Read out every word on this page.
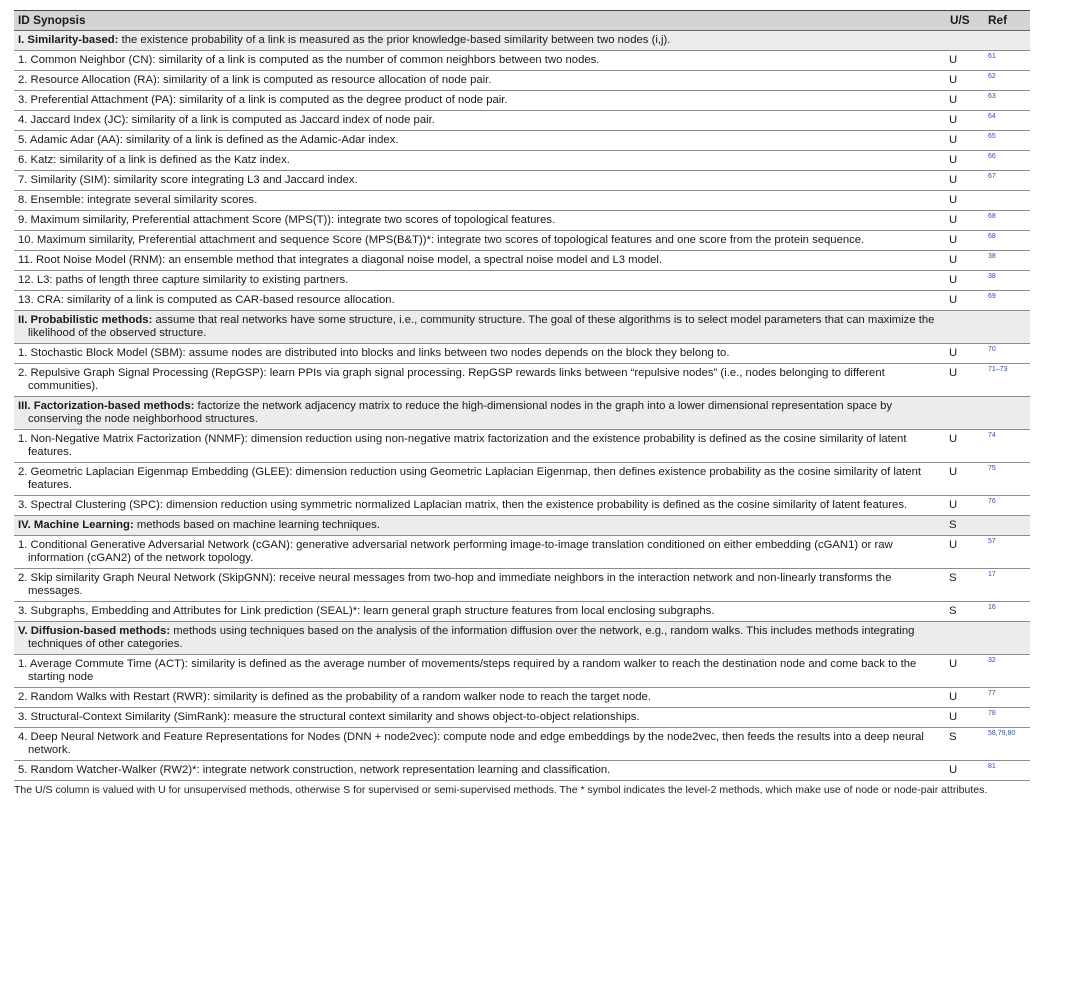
ID Synopsis	U/S	Ref

I. Similarity-based: the existence probability of a link is measured as the prior knowledge-based similarity between two nodes (i,j).		

1. Common Neighbor (CN): similarity of a link is computed as the number of common neighbors between two nodes.	U	61

2. Resource Allocation (RA): similarity of a link is computed as resource allocation of node pair.	U	62

3. Preferential Attachment (PA): similarity of a link is computed as the degree product of node pair.	U	63

4. Jaccard Index (JC): similarity of a link is computed as Jaccard index of node pair.	U	64

5. Adamic Adar (AA): similarity of a link is defined as the Adamic-Adar index.	U	65

6. Katz: similarity of a link is defined as the Katz index.	U	66

7. Similarity (SIM): similarity score integrating L3 and Jaccard index.	U	67

8. Ensemble: integrate several similarity scores.	U	

9. Maximum similarity, Preferential attachment Score (MPS(T)): integrate two scores of topological features.	U	68

10. Maximum similarity, Preferential attachment and sequence Score (MPS(B&T))*: integrate two scores of topological features and one score from the protein sequence.	U	68

11. Root Noise Model (RNM): an ensemble method that integrates a diagonal noise model, a spectral noise model and L3 model.	U	38

12. L3: paths of length three capture similarity to existing partners.	U	38

13. CRA: similarity of a link is computed as CAR-based resource allocation.	U	69

II. Probabilistic methods: assume that real networks have some structure, i.e., community structure. The goal of these algorithms is to select model parameters that can maximize the likelihood of the observed structure.		

1. Stochastic Block Model (SBM): assume nodes are distributed into blocks and links between two nodes depends on the block they belong to.	U	70

2. Repulsive Graph Signal Processing (RepGSP): learn PPIs via graph signal processing. RepGSP rewards links between “repulsive nodes” (i.e., nodes belonging to different communities).	U	71–73

III. Factorization-based methods: factorize the network adjacency matrix to reduce the high-dimensional nodes in the graph into a lower dimensional representation space by conserving the node neighborhood structures.		

1. Non-Negative Matrix Factorization (NNMF): dimension reduction using non-negative matrix factorization and the existence probability is defined as the cosine similarity of latent features.	U	74

2. Geometric Laplacian Eigenmap Embedding (GLEE): dimension reduction using Geometric Laplacian Eigenmap, then defines existence probability as the cosine similarity of latent features.	U	75

3. Spectral Clustering (SPC): dimension reduction using symmetric normalized Laplacian matrix, then the existence probability is defined as the cosine similarity of latent features.	U	76

IV. Machine Learning: methods based on machine learning techniques.	S	

1. Conditional Generative Adversarial Network (cGAN): generative adversarial network performing image-to-image translation conditioned on either embedding (cGAN1) or raw information (cGAN2) of the network topology.	U	57

2. Skip similarity Graph Neural Network (SkipGNN): receive neural messages from two-hop and immediate neighbors in the interaction network and non-linearly transforms the messages.	S	17

3. Subgraphs, Embedding and Attributes for Link prediction (SEAL)*: learn general graph structure features from local enclosing subgraphs.	S	16

V. Diffusion-based methods: methods using techniques based on the analysis of the information diffusion over the network, e.g., random walks. This includes methods integrating techniques of other categories.		

1. Average Commute Time (ACT): similarity is defined as the average number of movements/steps required by a random walker to reach the destination node and come back to the starting node	U	32

2. Random Walks with Restart (RWR): similarity is defined as the probability of a random walker node to reach the target node.	U	77

3. Structural-Context Similarity (SimRank): measure the structural context similarity and shows object-to-object relationships.	U	78

4. Deep Neural Network and Feature Representations for Nodes (DNN + node2vec): compute node and edge embeddings by the node2vec, then feeds the results into a deep neural network.	S	58,79,80

5. Random Watcher-Walker (RW2)*: integrate network construction, network representation learning and classification.	U	81
The U/S column is valued with U for unsupervised methods, otherwise S for supervised or semi-supervised methods. The * symbol indicates the level-2 methods, which make use of node or node-pair attributes.
